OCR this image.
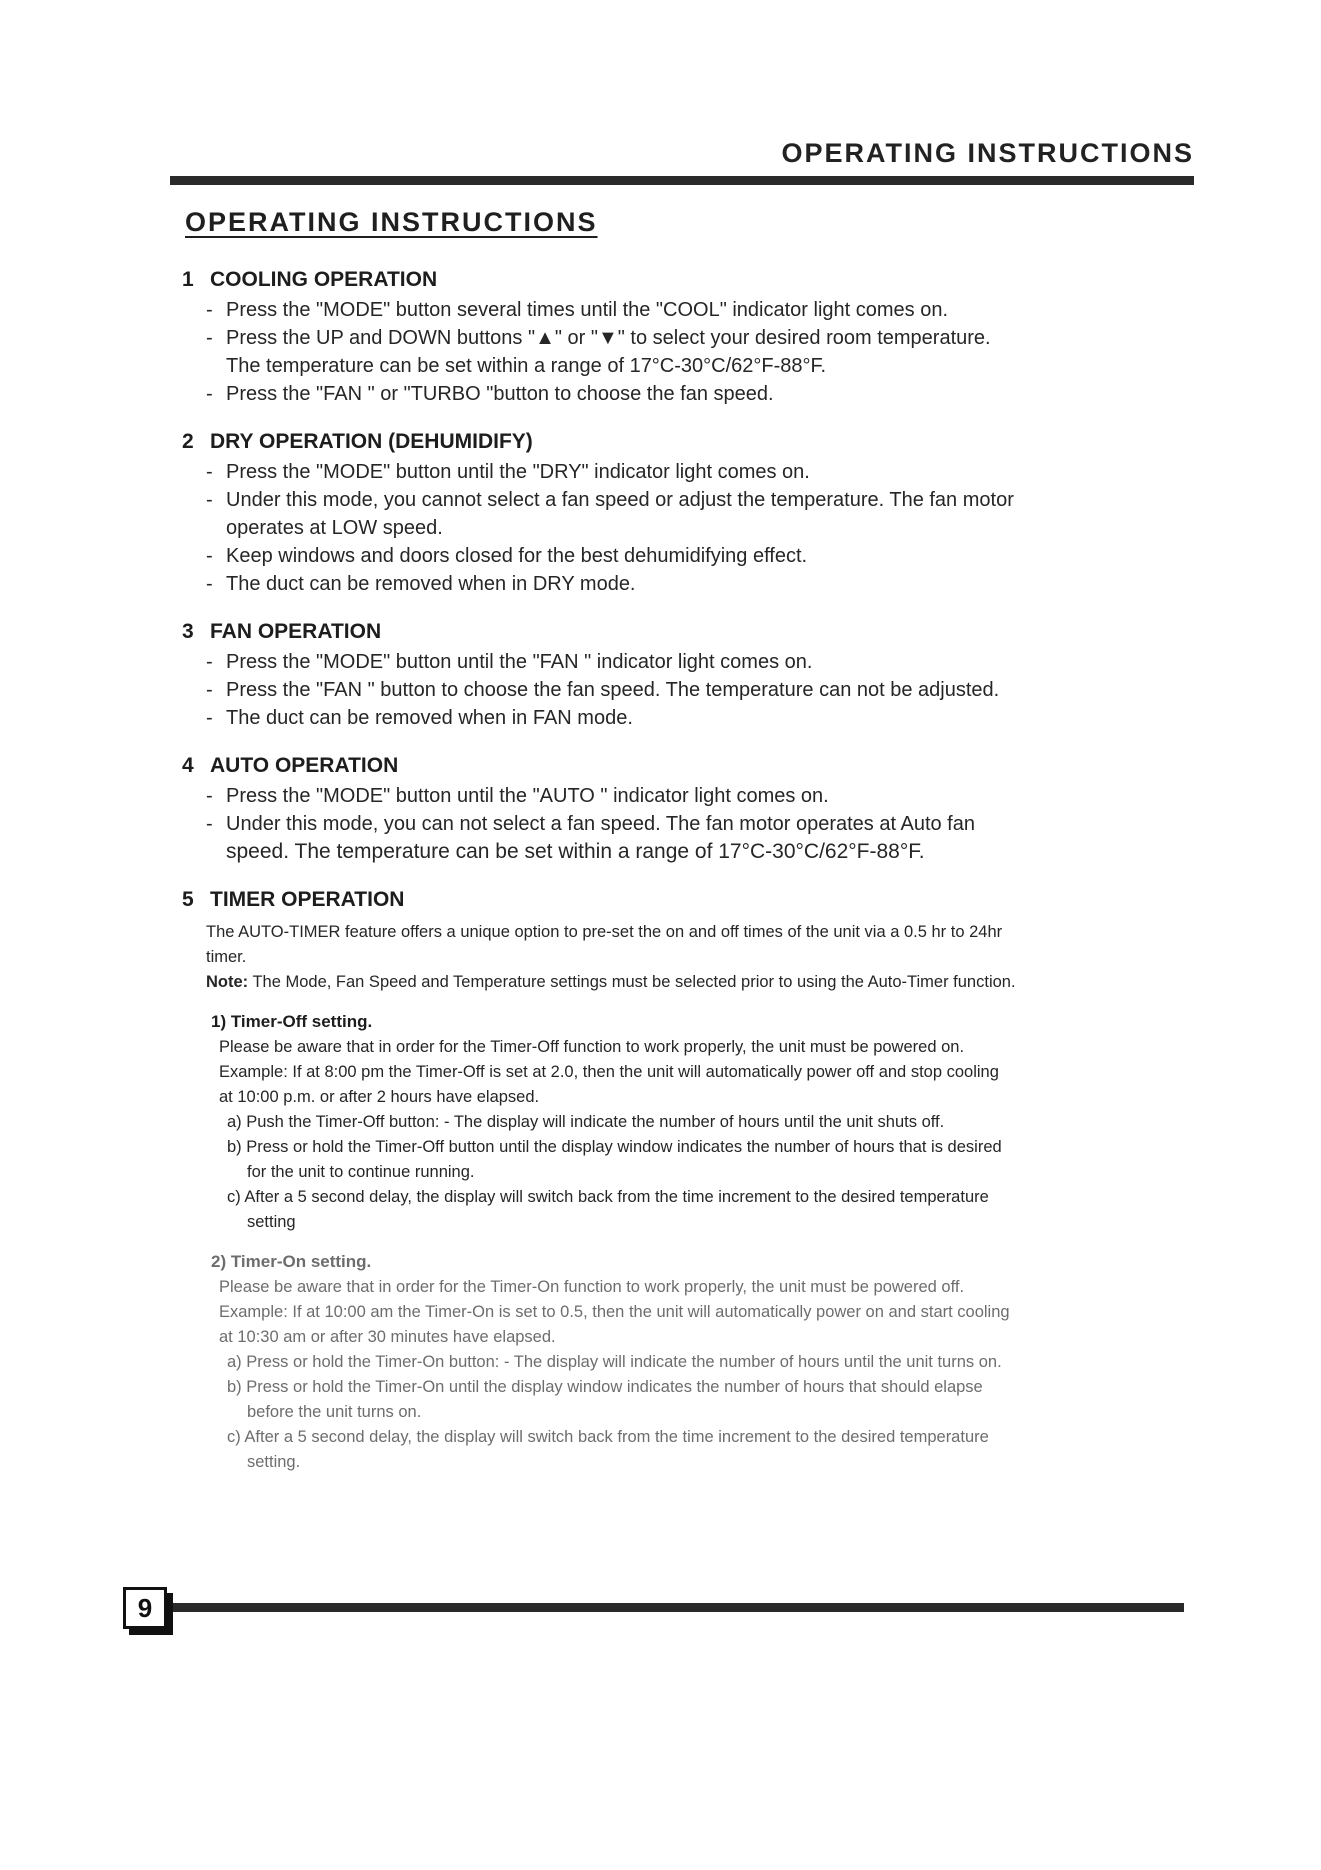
OPERATING INSTRUCTIONS
OPERATING INSTRUCTIONS
1 COOLING OPERATION
- Press the "MODE" button several times until the "COOL" indicator light comes on.
- Press the UP and DOWN buttons "▲" or "▼" to select your desired room temperature.
The temperature can be set within a range of 17°C-30°C/62°F-88°F.
- Press the "FAN " or "TURBO "button to choose the fan speed.
2 DRY OPERATION (DEHUMIDIFY)
- Press the "MODE" button until the "DRY" indicator light comes on.
- Under this mode, you cannot select a fan speed or adjust the temperature. The fan motor
operates at LOW speed.
- Keep windows and doors closed for the best dehumidifying effect.
- The duct can be removed when in DRY mode.
3 FAN OPERATION
- Press the "MODE" button until the "FAN " indicator light comes on.
- Press the "FAN " button to choose the fan speed. The temperature can not be adjusted.
- The duct can be removed when in FAN mode.
4 AUTO OPERATION
- Press the "MODE" button until the "AUTO " indicator light comes on.
- Under this mode, you can not select a fan speed. The fan motor operates at Auto fan
speed. The temperature can be set within a range of 17°C-30°C/62°F-88°F.
5 TIMER OPERATION
The AUTO-TIMER feature offers a unique option to pre-set the on and off times of the unit via a 0.5 hr to 24hr
timer.
Note: The Mode, Fan Speed and Temperature settings must be selected prior to using the Auto-Timer function.
1) Timer-Off setting.
Please be aware that in order for the Timer-Off function to work properly, the unit must be powered on.
Example: If at 8:00 pm the Timer-Off is set at 2.0, then the unit will automatically power off and stop cooling
at 10:00 p.m. or after 2 hours have elapsed.
a) Push the Timer-Off button: - The display will indicate the number of hours until the unit shuts off.
b) Press or hold the Timer-Off button until the display window indicates the number of hours that is desired
for the unit to continue running.
c) After a 5 second delay, the display will switch back from the time increment to the desired temperature
setting
2) Timer-On setting.
Please be aware that in order for the Timer-On function to work properly, the unit must be powered off.
Example: If at 10:00 am the Timer-On is set to 0.5, then the unit will automatically power on and start cooling
at 10:30 am or after 30 minutes have elapsed.
a) Press or hold the Timer-On button: - The display will indicate the number of hours until the unit turns on.
b) Press or hold the Timer-On until the display window indicates the number of hours that should elapse
before the unit turns on.
c) After a 5 second delay, the display will switch back from the time increment to the desired temperature
setting.
9
